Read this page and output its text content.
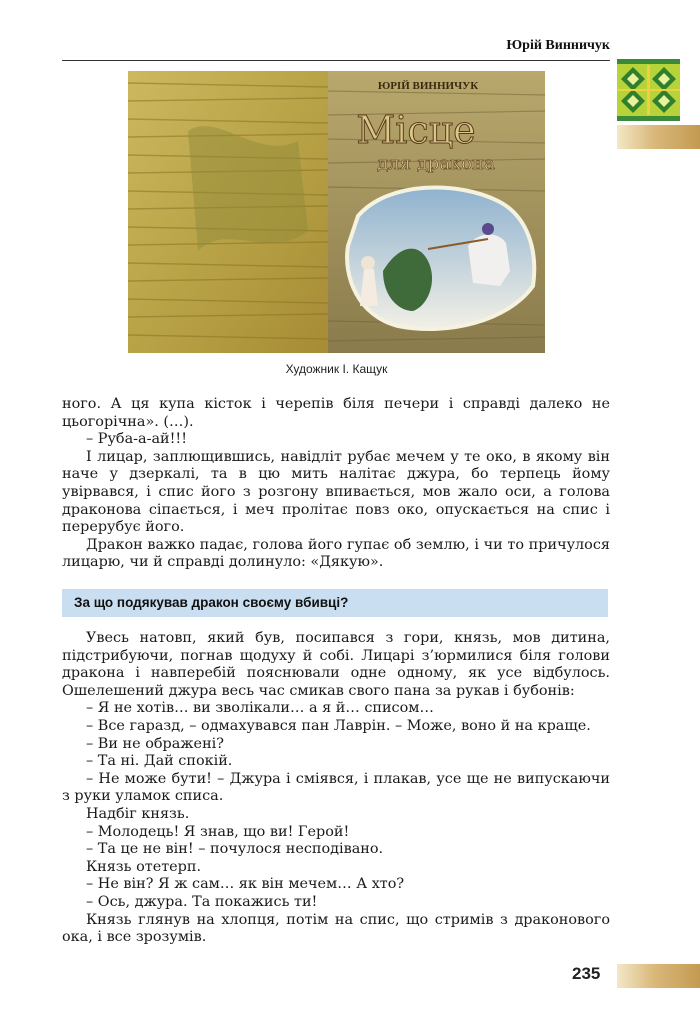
Юрій Винничук
ЮРІЙ ВИННИЧУК
Місце
для дракона
Художник І. Кащук

ного. А ця купа кісток і черепів біля печери і справді далеко не цьогорічна». (…).

– Руба-а-ай!!!

І лицар, заплющившись, навідліт рубає мечем у те око, в якому він наче у дзеркалі, та в цю мить налітає джура, бо терпець йому увірвався, і спис його з розгону впивається, мов жало оси, а голова драконова сіпається, і меч пролітає повз око, опускається на спис і перерубує його.

Дракон важко падає, голова його гупає об землю, і чи то причулося лицарю, чи й справді долинуло: «Дякую».

За що подякував дракон своєму вбивці?

Увесь натовп, який був, посипався з гори, князь, мов дитина, підстрибуючи, погнав щодуху й собі. Лицарі з’юрмилися біля голови дракона і навперебій пояснювали одне одному, як усе відбулось. Ошелешений джура весь час смикав свого пана за рукав і бубонів:

– Я не хотів… ви зволікали… а я й… списом…

– Все гаразд, – одмахувався пан Лаврін. – Може, воно й на краще.

– Ви не ображені?

– Та ні. Дай спокій.

– Не може бути! – Джура і сміявся, і плакав, усе ще не випускаючи з руки уламок списа.

Надбіг князь.

– Молодець! Я знав, що ви! Герой!

– Та це не він! – почулося несподівано.

Князь отетерп.

– Не він? Я ж сам… як він мечем… А хто?

– Ось, джура. Та покажись ти!

Князь глянув на хлопця, потім на спис, що стримів з драконового ока, і все зрозумів.

235
